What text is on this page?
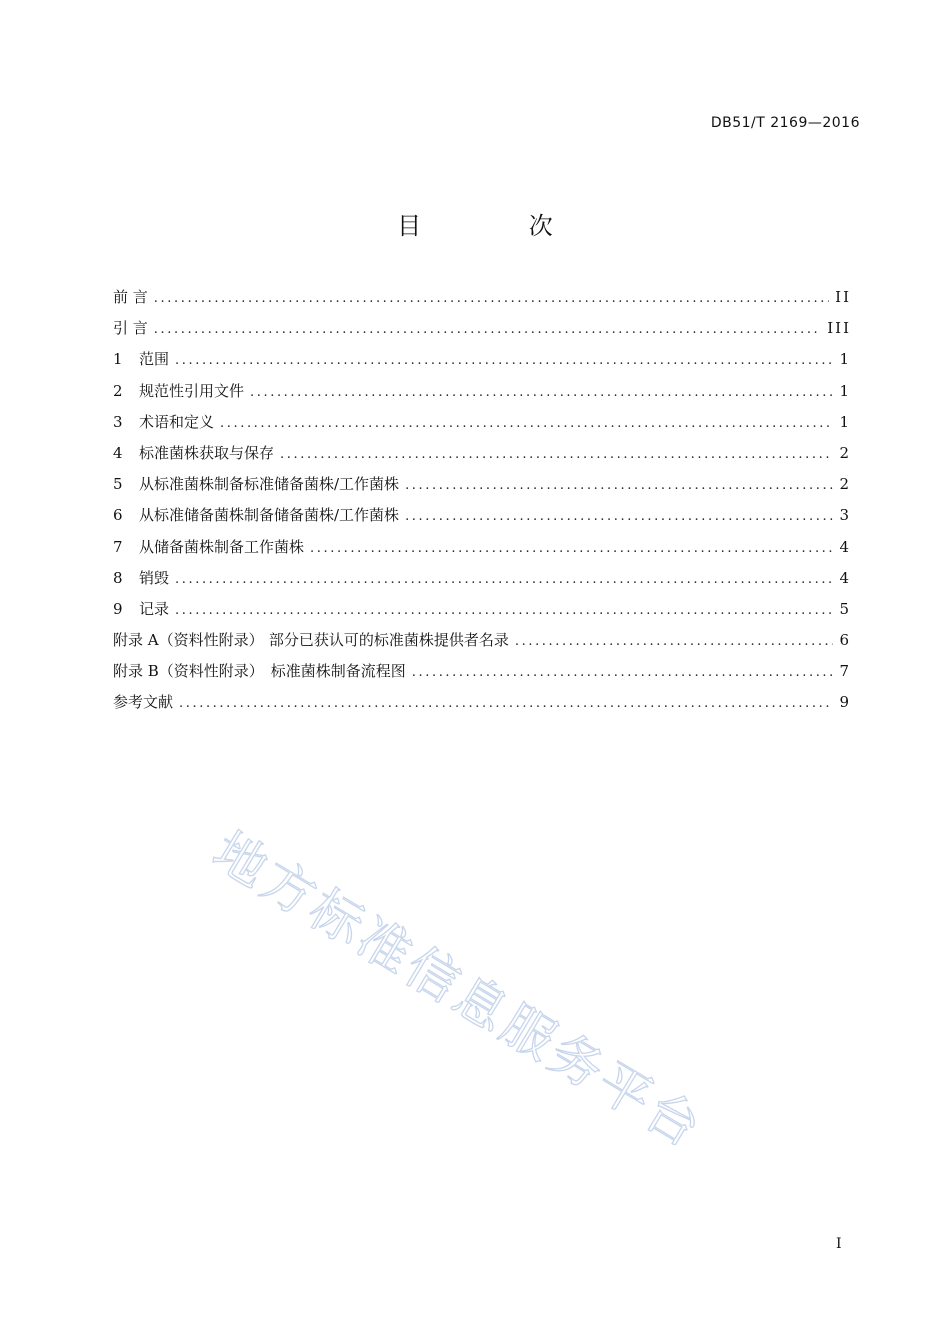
DB51/T 2169—2016
目 次
前 言 .....	II
引 言 .....	III
1	范围 .....	1
2	规范性引用文件 .....	1
3	术语和定义 .....	1
4	标准菌株获取与保存 .....	2
5	从标准菌株制备标准储备菌株/工作菌株 .....	2
6	从标准储备菌株制备储备菌株/工作菌株 .....	3
7	从储备菌株制备工作菌株 .....	4
8	销毁 .....	4
9	记录 .....	5
附录 A（资料性附录） 部分已获认可的标准菌株提供者名录 .....	6
附录 B（资料性附录） 标准菌株制备流程图 .....	7
参考文献 .....	9
地方标准信息服务平台
I
